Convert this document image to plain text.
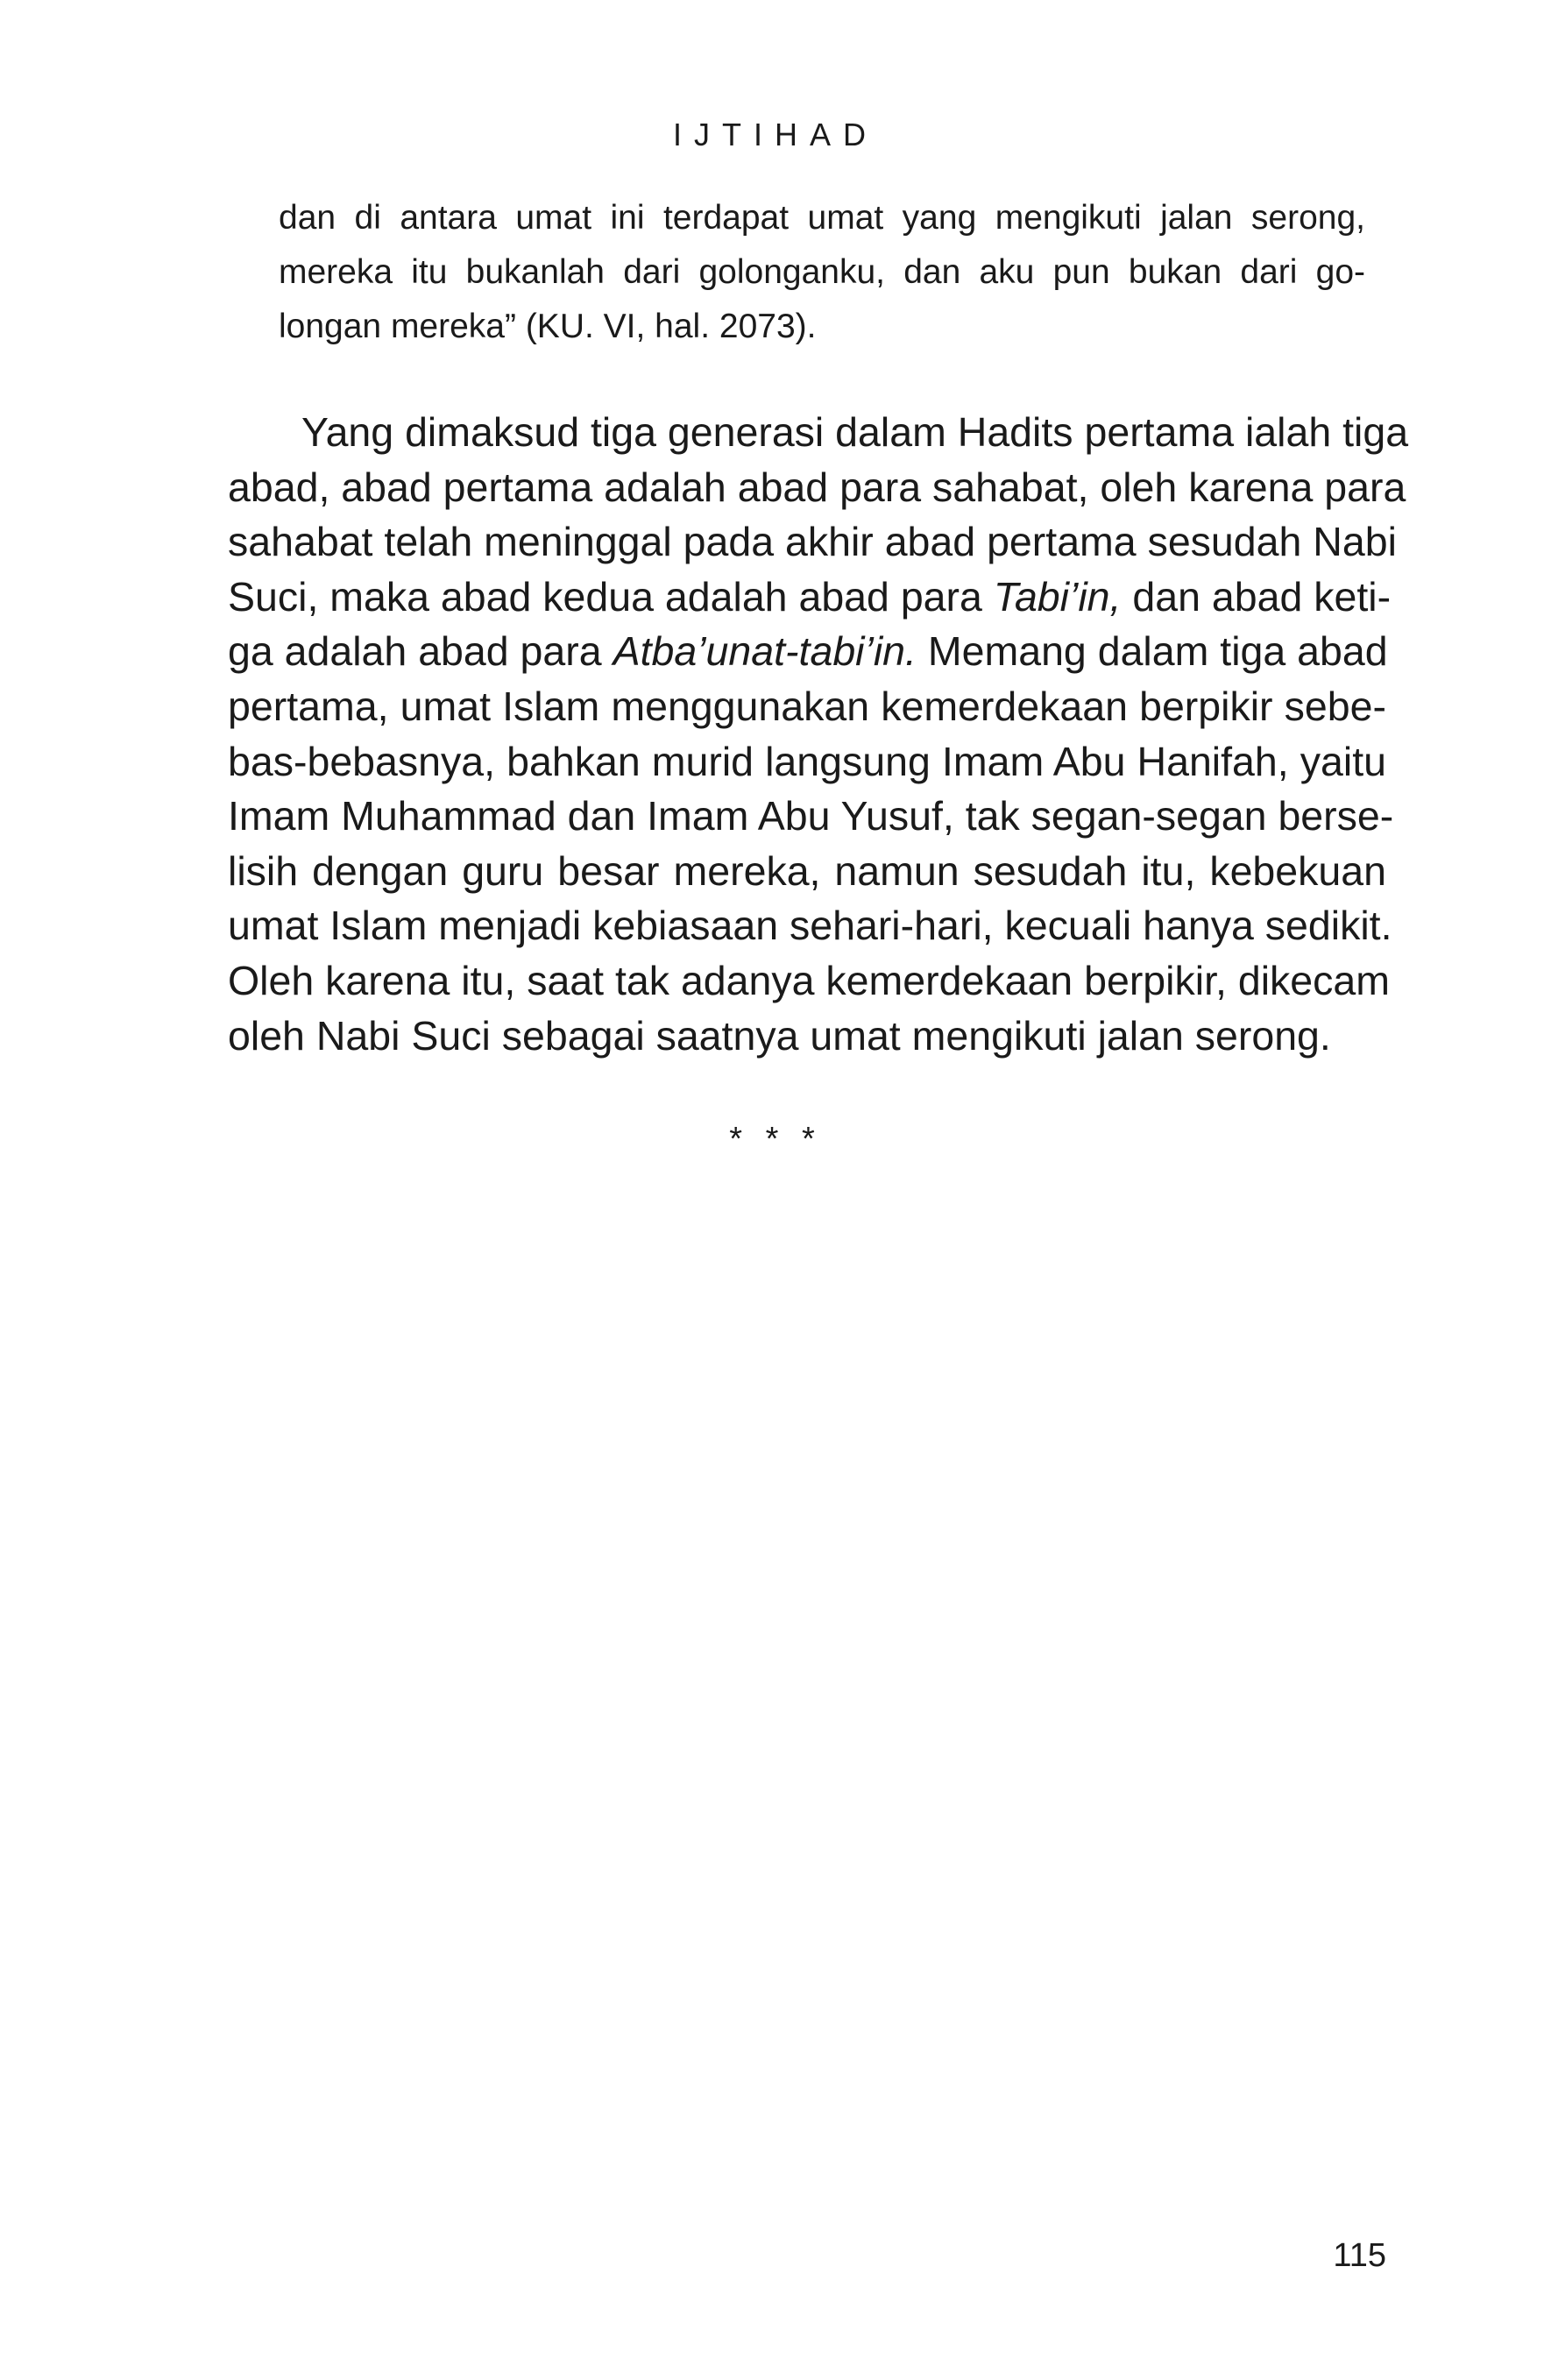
IJTIHAD
dan di antara umat ini terdapat umat yang mengikuti jalan serong,
mereka itu bukanlah dari golonganku, dan aku pun bukan dari go-
longan mereka” (KU. VI, hal. 2073).
Yang dimaksud tiga generasi dalam Hadits pertama ialah tiga
abad, abad pertama adalah abad para sahabat, oleh karena para
sahabat telah meninggal pada akhir abad pertama sesudah Nabi
Suci, maka abad kedua adalah abad para Tabi’in, dan abad keti-
ga adalah abad para Atba’unat-tabi’in. Memang dalam tiga abad
pertama, umat Islam menggunakan kemerdekaan berpikir sebe-
bas-bebasnya, bahkan murid langsung Imam Abu Hanifah, yaitu
Imam Muhammad dan Imam Abu Yusuf, tak segan-segan berse-
lisih dengan guru besar mereka, namun sesudah itu, kebekuan
umat Islam menjadi kebiasaan sehari-hari, kecuali hanya sedikit.
Oleh karena itu, saat tak adanya kemerdekaan berpikir, dikecam
oleh Nabi Suci sebagai saatnya umat mengikuti jalan serong.
* * *
115
